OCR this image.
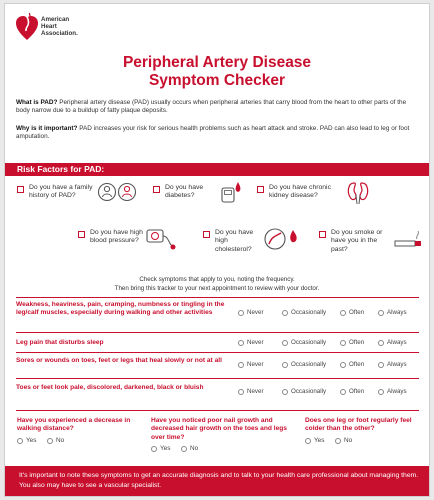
American
Heart
Association.
Peripheral Artery Disease
Symptom Checker
What is PAD? Peripheral artery disease (PAD) usually occurs when peripheral arteries that carry blood from the heart to other parts of the body narrow due to a buildup of fatty plaque deposits.
Why is it important? PAD increases your risk for serious health problems such as heart attack and stroke. PAD can also lead to leg or foot amputation.
Risk Factors for PAD:
Do you have a family history of PAD?
Do you have diabetes?
Do you have chronic kidney disease?
Do you have high blood pressure?
Do you have high cholesterol?
Do you smoke or have you in the past?
Check symptoms that apply to you, noting the frequency.
Then bring this tracker to your next appointment to review with your doctor.
Weakness, heaviness, pain, cramping, numbness or tingling in the leg/calf muscles, especially during walking and other activities	Never	Occasionally	Often	Always
Leg pain that disturbs sleep	Never	Occasionally	Often	Always
Sores or wounds on toes, feet or legs that heal slowly or not at all
Never	Occasionally	Often	Always
Toes or feet look pale, discolored, darkened, black or bluish
Never	Occasionally	Often	Always
Have you experienced a decrease in walking distance?
Yes	No
Have you noticed poor nail growth and decreased hair growth on the toes and legs over time?
Yes	No
Does one leg or foot regularly feel colder than the other?
Yes	No
It's important to note these symptoms to get an accurate diagnosis and to talk to your health care professional about managing them. You also may have to see a vascular specialist.
